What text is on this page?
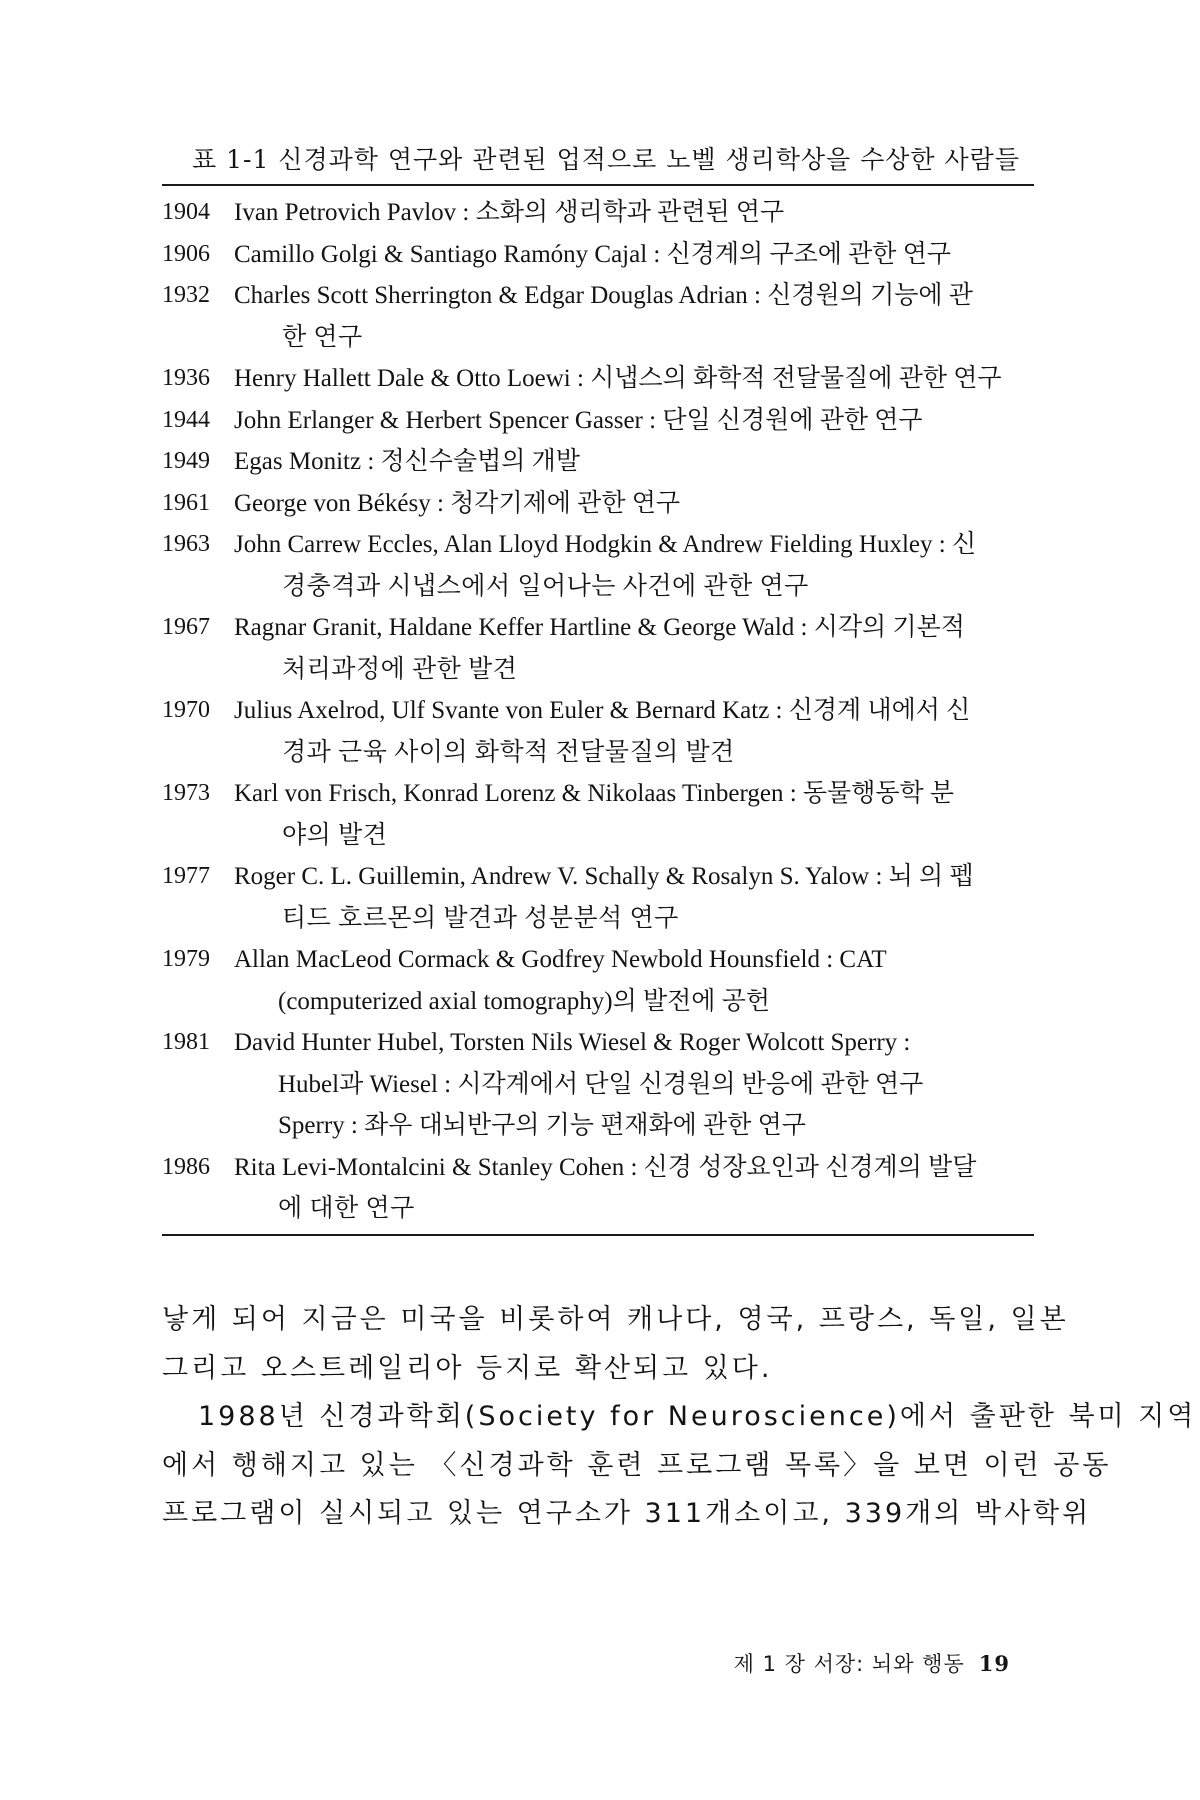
표 1-1 신경과학 연구와 관련된 업적으로 노벨 생리학상을 수상한 사람들
1904 Ivan Petrovich Pavlov : 소화의 생리학과 관련된 연구
1906 Camillo Golgi & Santiago Ramóny Cajal : 신경계의 구조에 관한 연구
1932 Charles Scott Sherrington & Edgar Douglas Adrian : 신경원의 기능에 관
한 연구
1936 Henry Hallett Dale & Otto Loewi : 시냅스의 화학적 전달물질에 관한 연구
1944 John Erlanger & Herbert Spencer Gasser : 단일 신경원에 관한 연구
1949 Egas Monitz : 정신수술법의 개발
1961 George von Békésy : 청각기제에 관한 연구
1963 John Carrew Eccles, Alan Lloyd Hodgkin & Andrew Fielding Huxley : 신
경충격과 시냅스에서 일어나는 사건에 관한 연구
1967 Ragnar Granit, Haldane Keffer Hartline & George Wald : 시각의 기본적
처리과정에 관한 발견
1970 Julius Axelrod, Ulf Svante von Euler & Bernard Katz : 신경계 내에서 신
경과 근육 사이의 화학적 전달물질의 발견
1973 Karl von Frisch, Konrad Lorenz & Nikolaas Tinbergen : 동물행동학 분
야의 발견
1977 Roger C. L. Guillemin, Andrew V. Schally & Rosalyn S. Yalow : 뇌 의 펩
티드 호르몬의 발견과 성분분석 연구
1979 Allan MacLeod Cormack & Godfrey Newbold Hounsfield : CAT
(computerized axial tomography)의 발전에 공헌
1981 David Hunter Hubel, Torsten Nils Wiesel & Roger Wolcott Sperry :
Hubel과 Wiesel : 시각계에서 단일 신경원의 반응에 관한 연구
Sperry : 좌우 대뇌반구의 기능 편재화에 관한 연구
1986 Rita Levi-Montalcini & Stanley Cohen : 신경 성장요인과 신경계의 발달
에 대한 연구
낳게 되어 지금은 미국을 비롯하여 캐나다, 영국, 프랑스, 독일, 일본
그리고 오스트레일리아 등지로 확산되고 있다.
1988년 신경과학회(Society for Neuroscience)에서 출판한 북미 지역
에서 행해지고 있는 〈신경과학 훈련 프로그램 목록〉을 보면 이런 공동
프로그램이 실시되고 있는 연구소가 311개소이고, 339개의 박사학위
제 1 장 서장: 뇌와 행동 19
